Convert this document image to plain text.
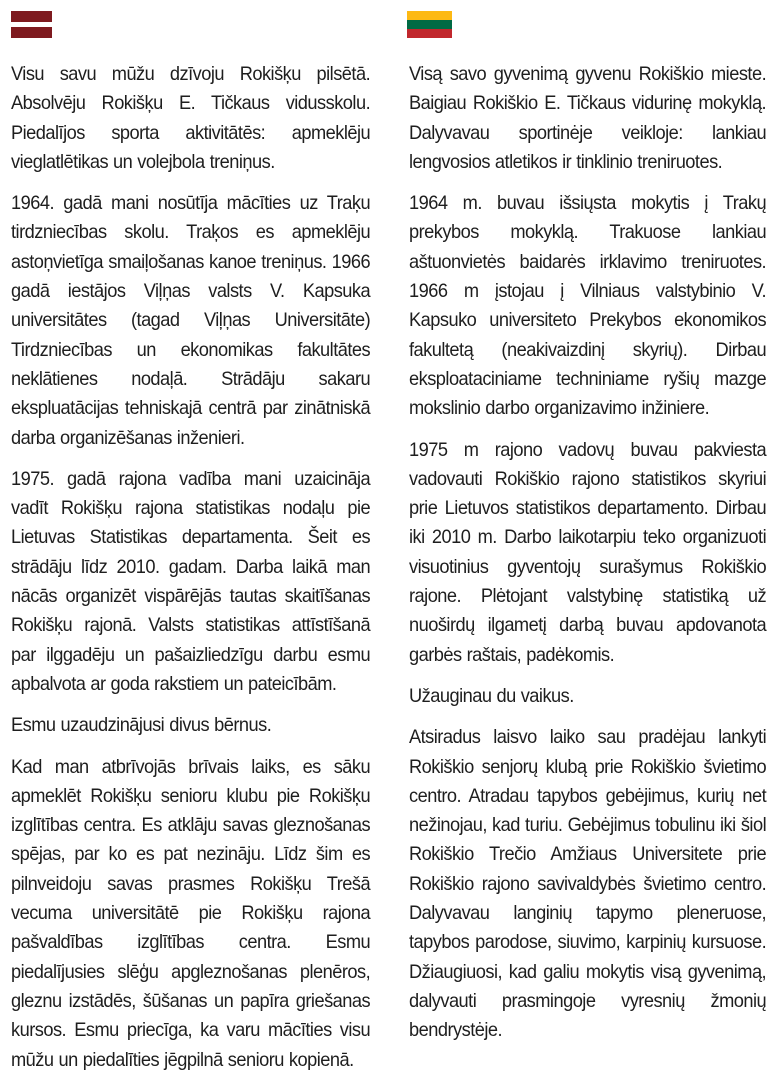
Visu savu mūžu dzīvoju Rokišķu pilsētā. Absolvēju Rokišķu E. Tičkaus vidusskolu. Piedalījos sporta aktivitātēs: apmeklēju vieglatlētikas un volejbola treniņus.

1964. gadā mani nosūtīja mācīties uz Traķu tirdzniecības skolu. Traķos es apmeklēju astoņvietīga smaiļošanas kanoe treniņus. 1966 gadā iestājos Viļņas valsts V. Kapsuka universitātes (tagad Viļņas Universitāte) Tirdzniecības un ekonomikas fakultātes neklātienes nodaļā. Strādāju sakaru ekspluatācijas tehniskajā centrā par zinātniskā darba organizēšanas inženieri.

1975. gadā rajona vadība mani uzaicināja vadīt Rokišķu rajona statistikas nodaļu pie Lietuvas Statistikas departamenta. Šeit es strādāju līdz 2010. gadam. Darba laikā man nācās organizēt vispārējās tautas skaitīšanas Rokišķu rajonā. Valsts statistikas attīstīšanā par ilggadēju un pašaizliedzīgu darbu esmu apbalvota ar goda rakstiem un pateicībām.

Esmu uzaudzinājusi divus bērnus.

Kad man atbrīvojās brīvais laiks, es sāku apmeklēt Rokišķu senioru klubu pie Rokišķu izglītības centra. Es atklāju savas gleznošanas spējas, par ko es pat nezināju. Līdz šim es pilnveidoju savas prasmes Rokišķu Trešā vecuma universitātē pie Rokišķu rajona pašvaldības izglītības centra. Esmu piedalījusies slēģu apgleznošanas plenēros, gleznu izstādēs, šūšanas un papīra griešanas kursos. Esmu priecīga, ka varu mācīties visu mūžu un piedalīties jēgpilnā senioru kopienā.

Visą savo gyvenimą gyvenu Rokiškio mieste. Baigiau Rokiškio E. Tičkaus vidurinę mokyklą. Dalyvavau sportinėje veikloje: lankiau lengvosios atletikos ir tinklinio treniruotes.

1964 m. buvau išsiųsta mokytis į Trakų prekybos mokyklą. Trakuose lankiau aštuonvietės baidarės irklavimo treniruotes. 1966 m įstojau į Vilniaus valstybinio V. Kapsuko universiteto Prekybos ekonomikos fakultetą (neakivaizdinį skyrių). Dirbau eksploataciniame techniniame ryšių mazge mokslinio darbo organizavimo inžiniere.

1975 m rajono vadovų buvau pakviesta vadovauti Rokiškio rajono statistikos skyriui prie Lietuvos statistikos departamento. Dirbau iki 2010 m. Darbo laikotarpiu teko organizuoti visuotinius gyventojų surašymus Rokiškio rajone. Plėtojant valstybinę statistiką už nuoširdų ilgametį darbą buvau apdovanota garbės raštais, padėkomis.

Užauginau du vaikus.

Atsiradus laisvo laiko sau pradėjau lankyti Rokiškio senjorų klubą prie Rokiškio švietimo centro. Atradau tapybos gebėjimus, kurių net nežinojau, kad turiu. Gebėjimus tobulinu iki šiol Rokiškio Trečio Amžiaus Universitete prie Rokiškio rajono savivaldybės švietimo centro. Dalyvavau langinių tapymo pleneruose, tapybos parodose, siuvimo, karpinių kursuose. Džiaugiuosi, kad galiu mokytis visą gyvenimą, dalyvauti prasmingoje vyresnių žmonių bendrystėje.
